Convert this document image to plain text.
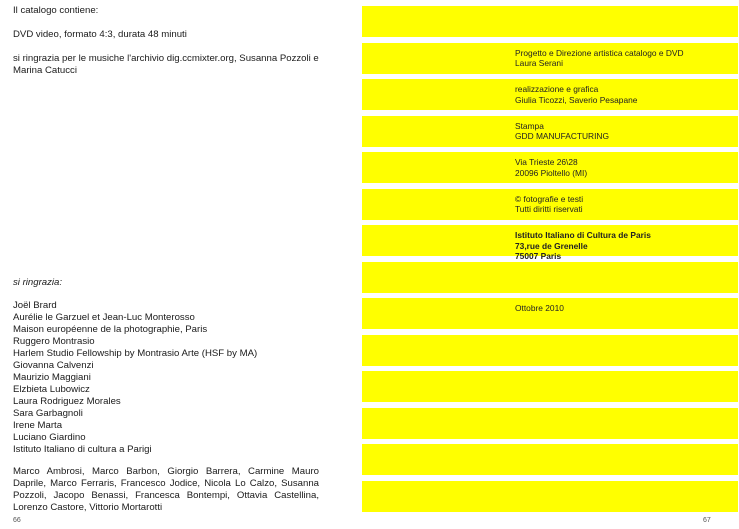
Il catalogo contiene:
DVD video, formato 4:3, durata 48 minuti
si ringrazia per le musiche l'archivio dig.ccmixter.org, Susanna Pozzoli e Marina Catucci
si ringrazia:
Joël Brard
Aurélie le Garzuel et Jean-Luc Monterosso
Maison européenne de la photographie, Paris
Ruggero Montrasio
Harlem Studio Fellowship by Montrasio Arte (HSF by MA)
Giovanna Calvenzi
Maurizio Maggiani
Elzbieta Lubowicz
Laura Rodriguez Morales
Sara Garbagnoli
Irene Marta
Luciano Giardino
Istituto Italiano di cultura a Parigi
Marco Ambrosi, Marco Barbon, Giorgio Barrera, Carmine Mauro Daprile, Marco Ferraris, Francesco Jodice, Nicola Lo Calzo, Susanna Pozzoli, Jacopo Benassi, Francesca Bontempi, Ottavia Castellina, Lorenzo Castore, Vittorio Mortarotti
66
Progetto e Direzione artistica catalogo e DVD
Laura Serani
realizzazione e grafica
Giulia Ticozzi, Saverio Pesapane
Stampa
GDD MANUFACTURING
Via Trieste 26\28
20096 Pioltello (MI)
© fotografie e testi
Tutti diritti riservati
Istituto Italiano di Cultura de Paris
73,rue de Grenelle
75007 Paris
Ottobre 2010
67
